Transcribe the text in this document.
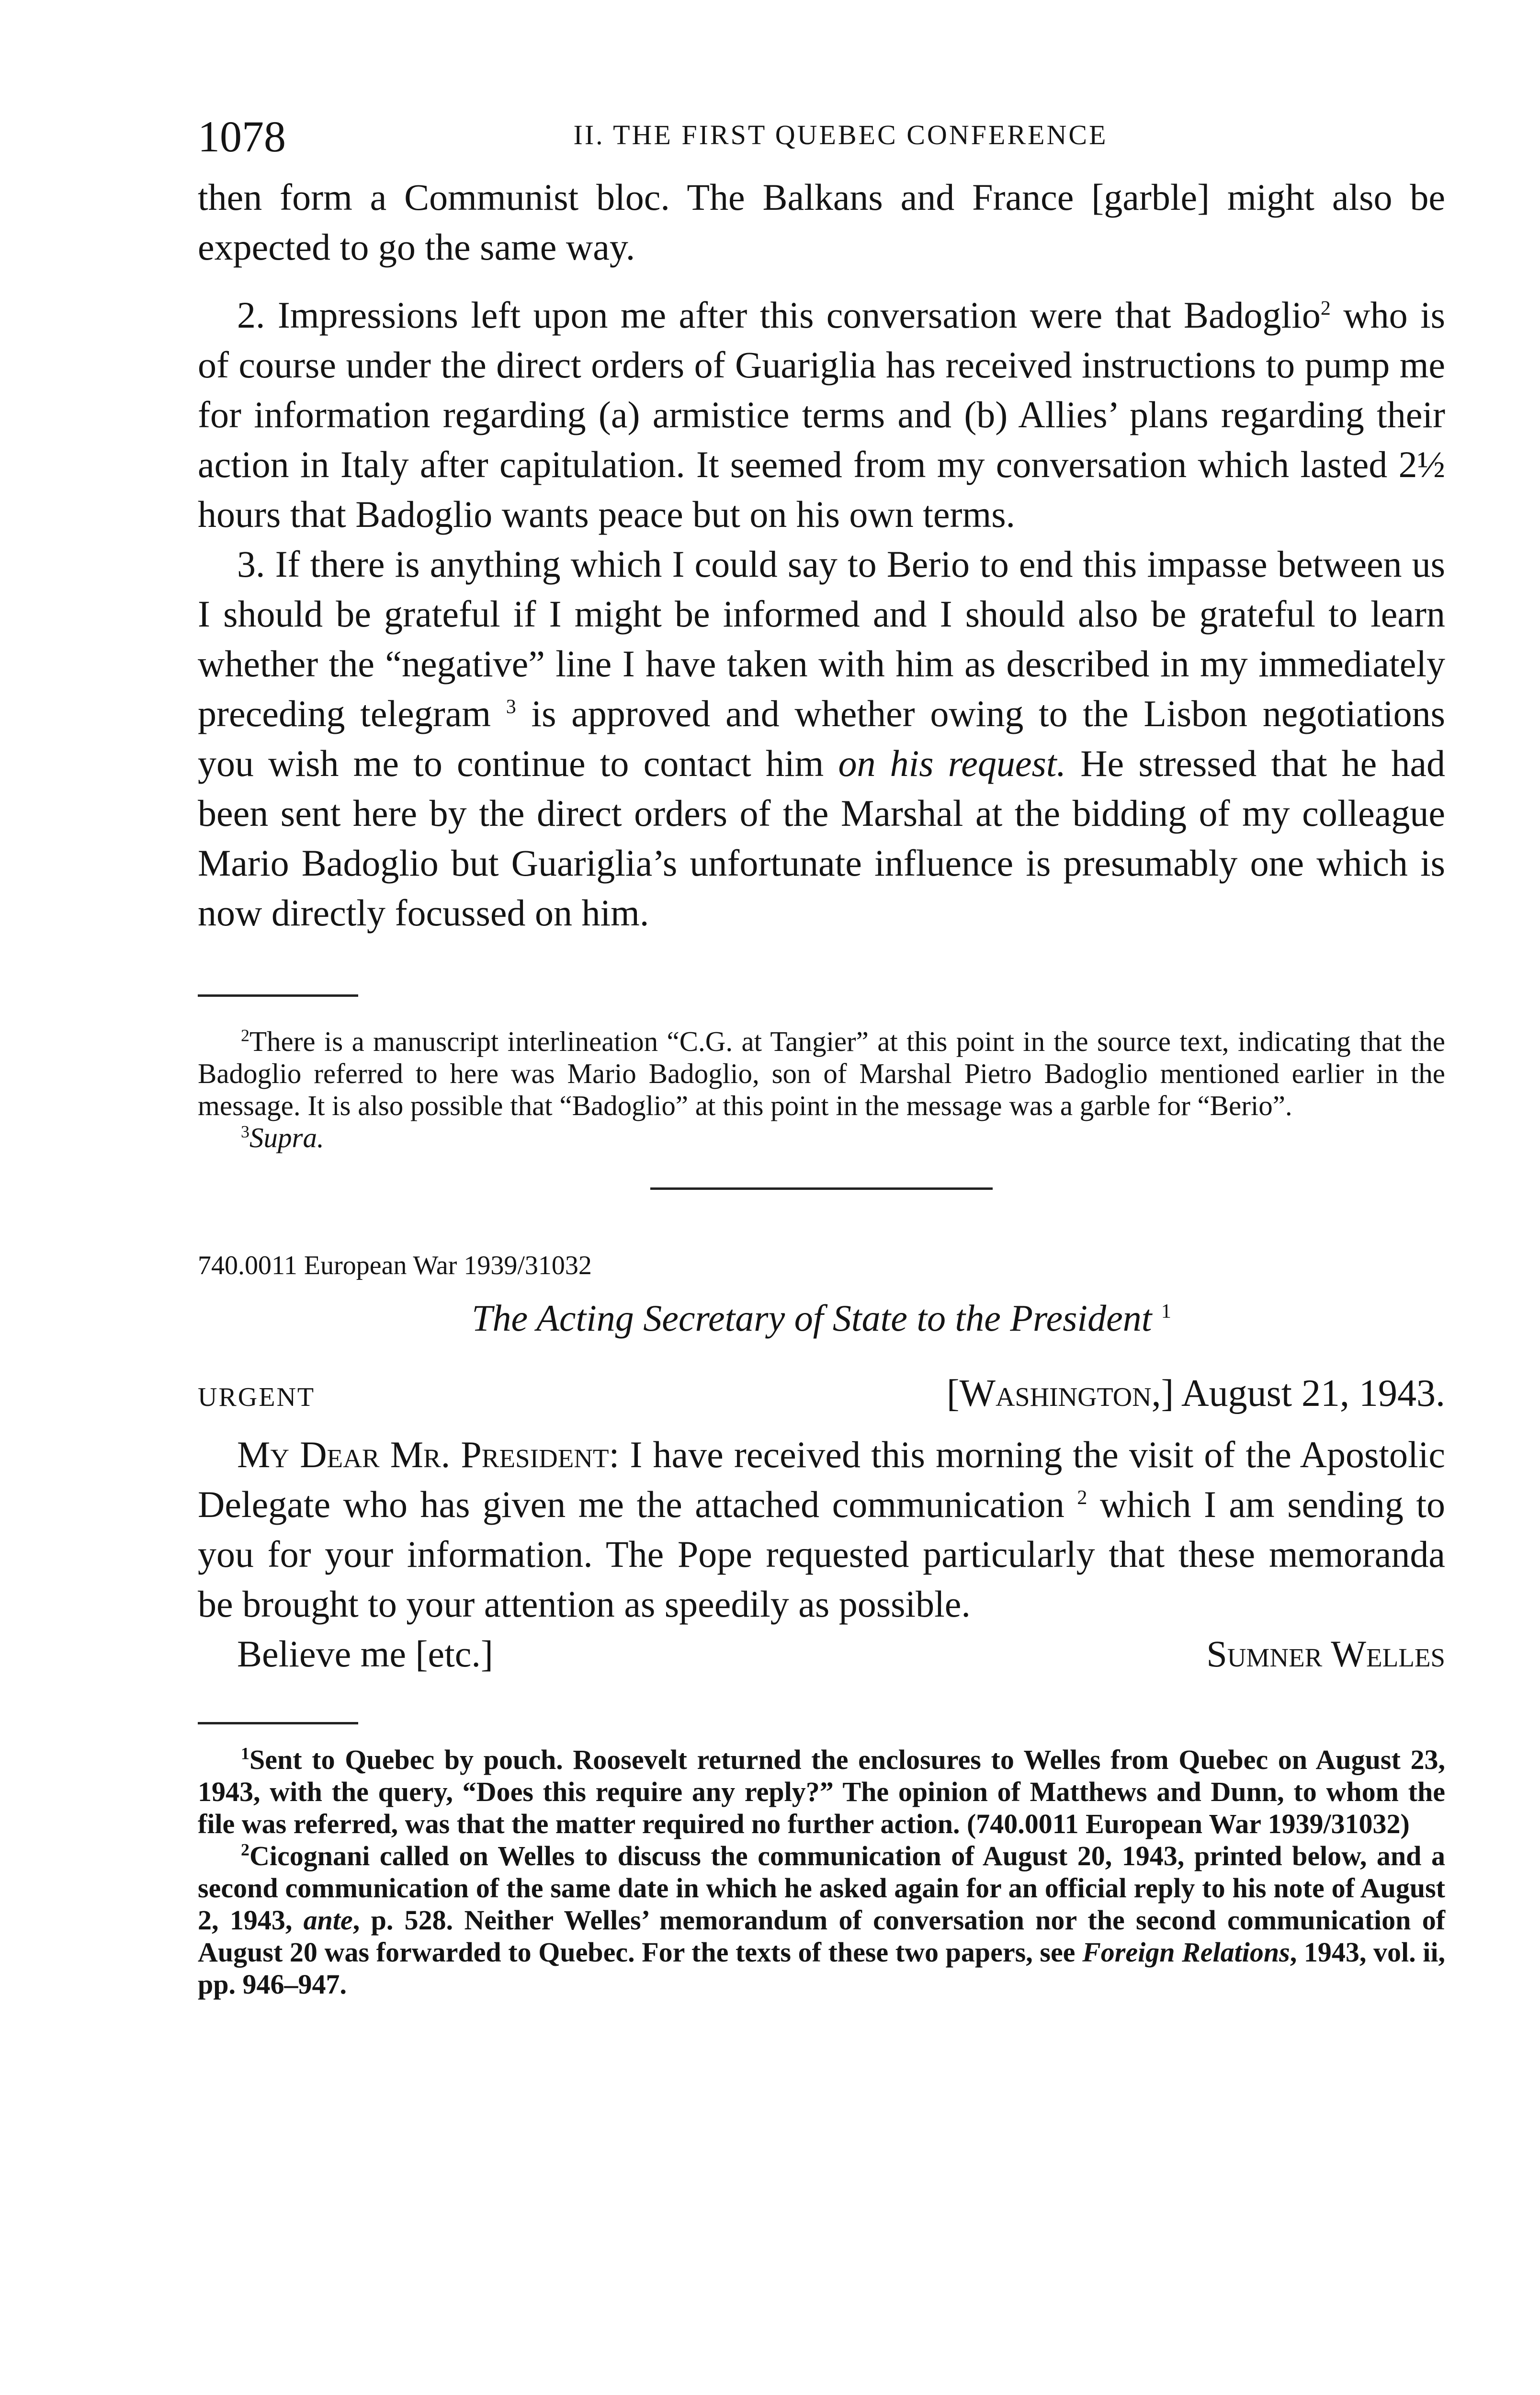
1078	II. THE FIRST QUEBEC CONFERENCE

then form a Communist bloc. The Balkans and France [garble] might also be expected to go the same way.

2. Impressions left upon me after this conversation were that Badoglio$^2$ who is of course under the direct orders of Guariglia has received instructions to pump me for information regarding (a) armistice terms and (b) Allies’ plans regarding their action in Italy after capitulation. It seemed from my conversation which lasted 2½ hours that Badoglio wants peace but on his own terms.

3. If there is anything which I could say to Berio to end this impasse between us I should be grateful if I might be informed and I should also be grateful to learn whether the “negative” line I have taken with him as described in my immediately preceding telegram $^3$ is approved and whether owing to the Lisbon negotiations you wish me to continue to contact him on his request. He stressed that he had been sent here by the direct orders of the Marshal at the bidding of my colleague Mario Badoglio but Guariglia’s unfortunate influence is presumably one which is now directly focussed on him.

$^2$There is a manuscript interlineation “C.G. at Tangier” at this point in the source text, indicating that the Badoglio referred to here was Mario Badoglio, son of Marshal Pietro Badoglio mentioned earlier in the message. It is also possible that “Badoglio” at this point in the message was a garble for “Berio”.

$^3$Supra.

740.0011 European War 1939/31032
The Acting Secretary of State to the President $^1$
URGENT	[Washington,] August 21, 1943.

My Dear Mr. President: I have received this morning the visit of the Apostolic Delegate who has given me the attached communication $^2$ which I am sending to you for your information. The Pope requested particularly that these memoranda be brought to your attention as speedily as possible.

Believe me [etc.]	Sumner Welles

$^1$Sent to Quebec by pouch. Roosevelt returned the enclosures to Welles from Quebec on August 23, 1943, with the query, “Does this require any reply?” The opinion of Matthews and Dunn, to whom the file was referred, was that the matter required no further action. (740.0011 European War 1939/31032)

$^2$Cicognani called on Welles to discuss the communication of August 20, 1943, printed below, and a second communication of the same date in which he asked again for an official reply to his note of August 2, 1943, ante, p. 528. Neither Welles’ memorandum of conversation nor the second communication of August 20 was forwarded to Quebec. For the texts of these two papers, see Foreign Relations, 1943, vol. ii, pp. 946–947.
